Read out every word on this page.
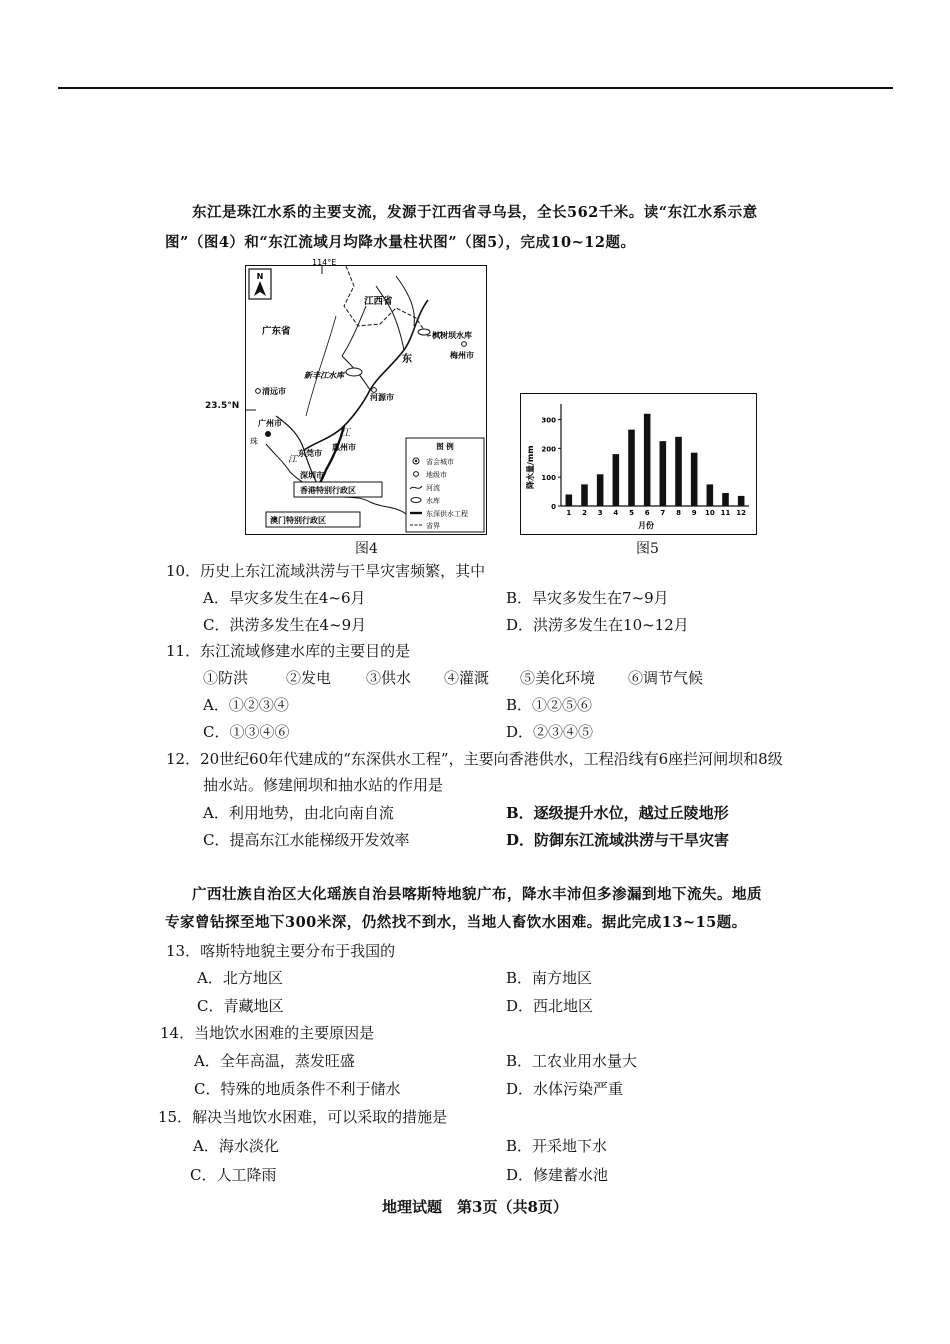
东江是珠江水系的主要支流，发源于江西省寻乌县，全长562千米。读“东江水系示意
图”（图4）和“东江流域月均降水量柱状图”（图5），完成10~12题。
N
114°E
江西省
广东省	枫树坝水库
梅州市
东
新丰江水库
清远市
河源市
广州市
珠
江
江
东莞市
惠州市
深圳市
香港特别行政区
澳门特别行政区
图 例
省会城市
地级市
河流
水库
东深供水工程
省界
23.5°N
图4
降水量/mm
月份
0
100
200
300
1 2 3 4 5 6 7 8 9 10 11 12
图5
10．历史上东江流域洪涝与干旱灾害频繁，其中
A．旱灾多发生在4~6月	B．旱灾多发生在7~9月
C．洪涝多发生在4~9月	D．洪涝多发生在10~12月
11．东江流域修建水库的主要目的是
①防洪	②发电 ③供水 ④灌溉 ⑤美化环境 ⑥调节气候
A．①②③④	B．①②⑤⑥
C．①③④⑥	D．②③④⑤
12．20世纪60年代建成的“东深供水工程”，主要向香港供水，工程沿线有6座拦河闸坝和8级
抽水站。修建闸坝和抽水站的作用是
A．利用地势，由北向南自流	B．逐级提升水位，越过丘陵地形
C．提高东江水能梯级开发效率	D．防御东江流域洪涝与干旱灾害
广西壮族自治区大化瑶族自治县喀斯特地貌广布，降水丰沛但多渗漏到地下流失。地质
专家曾钻探至地下300米深，仍然找不到水，当地人畜饮水困难。据此完成13~15题。
13．喀斯特地貌主要分布于我国的
A．北方地区	B．南方地区
C．青藏地区	D．西北地区
14．当地饮水困难的主要原因是
A．全年高温，蒸发旺盛	B．工农业用水量大
C．特殊的地质条件不利于储水	D．水体污染严重
15．解决当地饮水困难，可以采取的措施是
A．海水淡化	B．开采地下水
C．人工降雨	D．修建蓄水池
地理试题　第3页（共8页）
